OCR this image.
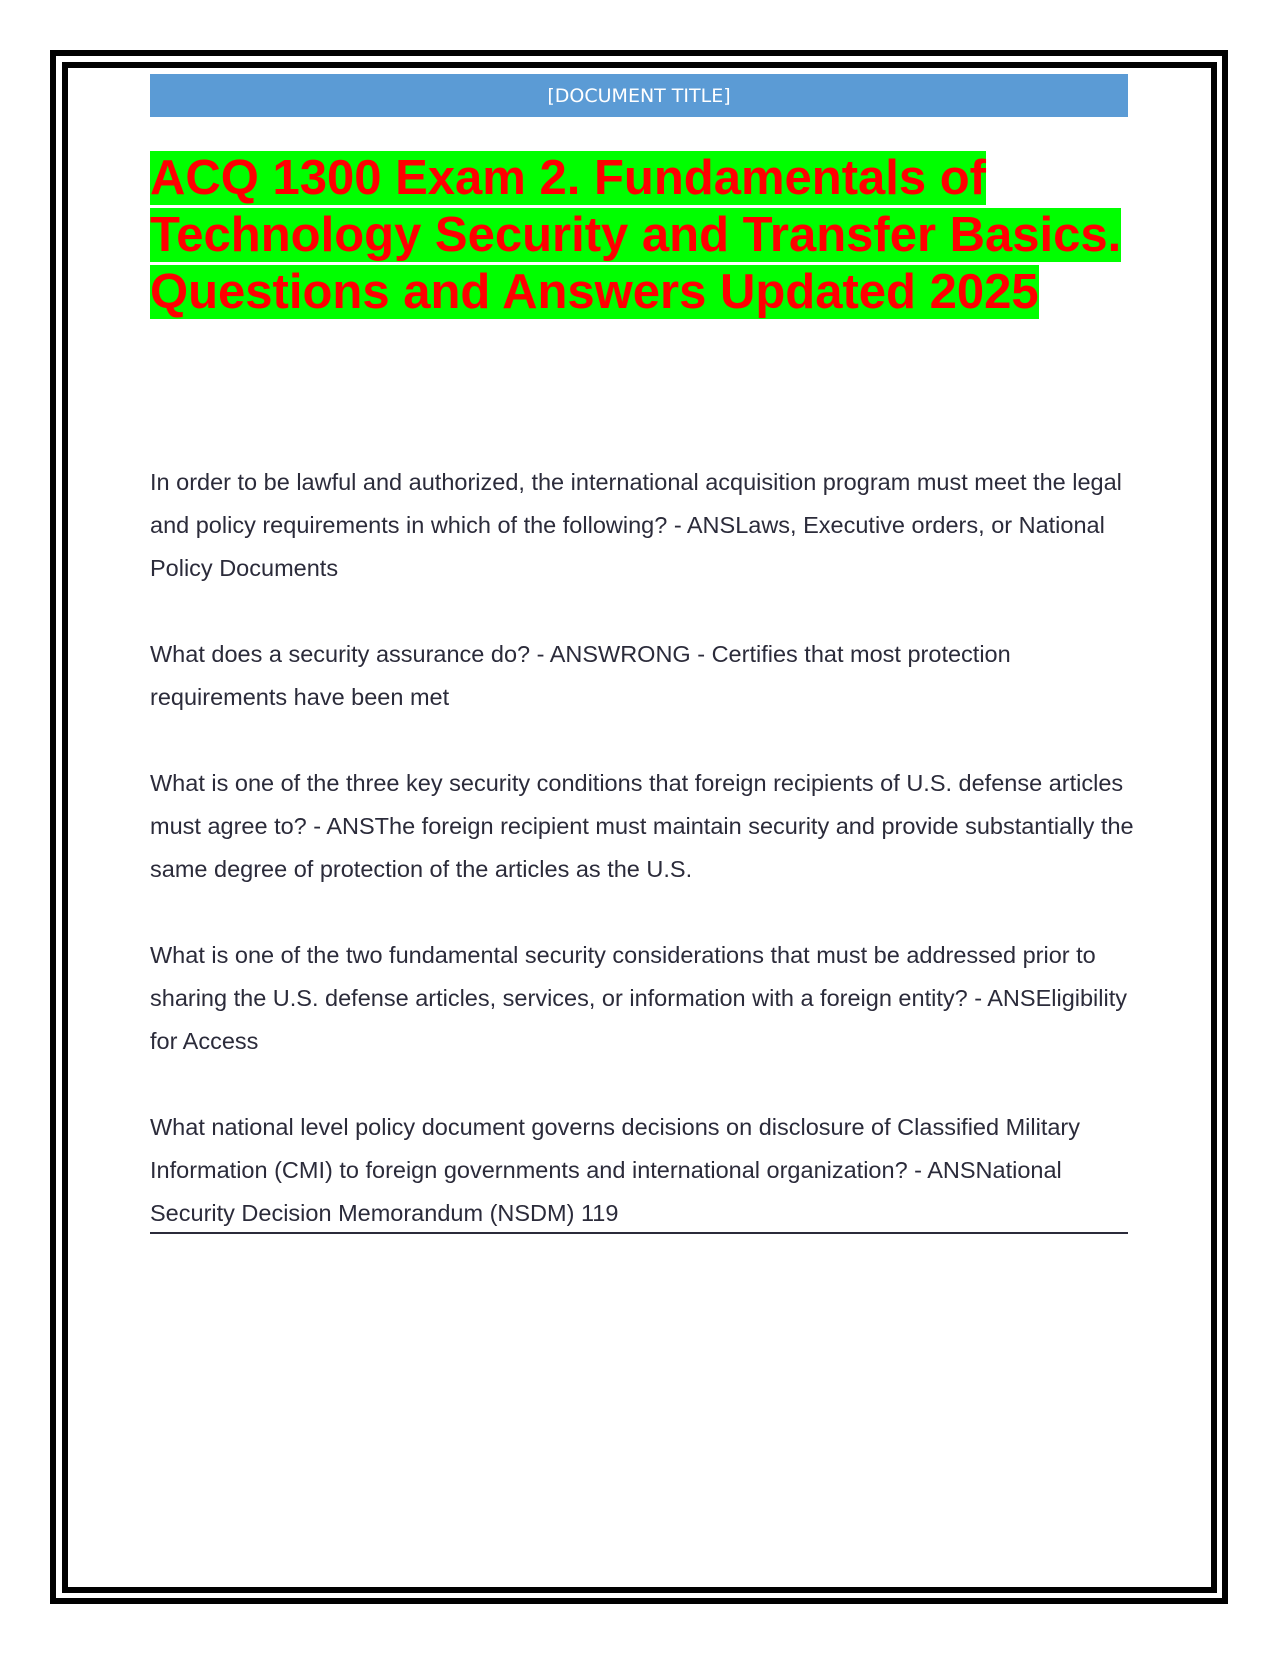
[DOCUMENT TITLE]
ACQ 1300 Exam 2. Fundamentals of Technology Security and Transfer Basics. Questions and Answers Updated 2025

In order to be lawful and authorized, the international acquisition program must meet the legal and policy requirements in which of the following? - ANSLaws, Executive orders, or National Policy Documents

What does a security assurance do? - ANSWRONG - Certifies that most protection requirements have been met

What is one of the three key security conditions that foreign recipients of U.S. defense articles must agree to? - ANSThe foreign recipient must maintain security and provide substantially the same degree of protection of the articles as the U.S.

What is one of the two fundamental security considerations that must be addressed prior to sharing the U.S. defense articles, services, or information with a foreign entity? - ANSEligibility for Access

What national level policy document governs decisions on disclosure of Classified Military Information (CMI) to foreign governments and international organization? - ANSNational Security Decision Memorandum (NSDM) 119
